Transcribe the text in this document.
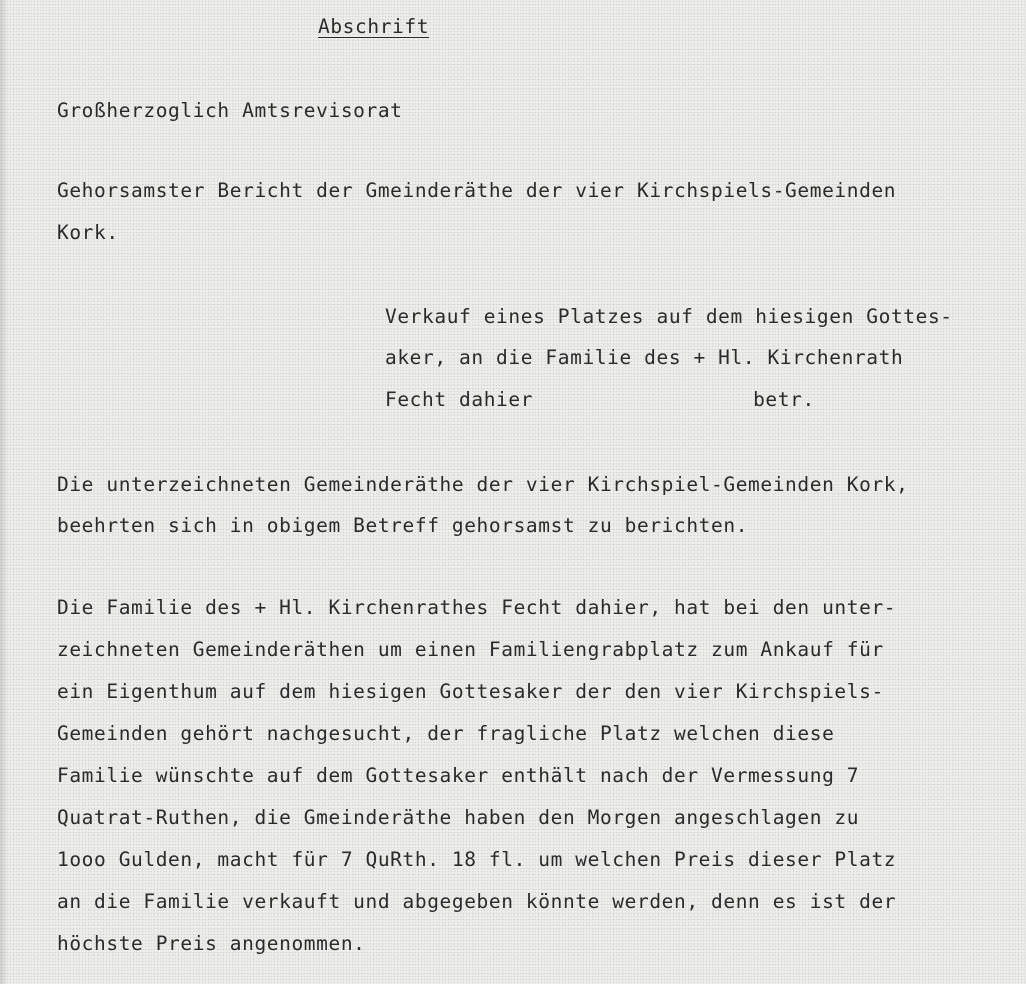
Abschrift

Großherzoglich Amtsrevisorat

Gehorsamster Bericht der Gmeinderäthe der vier Kirchspiels-Gemeinden

Kork.

Verkauf eines Platzes auf dem hiesigen Gottes-

aker, an die Familie des + Hl. Kirchenrath

Fecht dahier	betr.

Die unterzeichneten Gemeinderäthe der vier Kirchspiel-Gemeinden Kork,

beehrten sich in obigem Betreff gehorsamst zu berichten.

Die Familie des + Hl. Kirchenrathes Fecht dahier, hat bei den unter-

zeichneten Gemeinderäthen um einen Familiengrabplatz zum Ankauf für

ein Eigenthum auf dem hiesigen Gottesaker der den vier Kirchspiels-

Gemeinden gehört nachgesucht, der fragliche Platz welchen diese

Familie wünschte auf dem Gottesaker enthält nach der Vermessung 7

Quatrat-Ruthen, die Gmeinderäthe haben den Morgen angeschlagen zu

1ooo Gulden, macht für 7 QuRth. 18 fl. um welchen Preis dieser Platz

an die Familie verkauft und abgegeben könnte werden, denn es ist der

höchste Preis angenommen.
